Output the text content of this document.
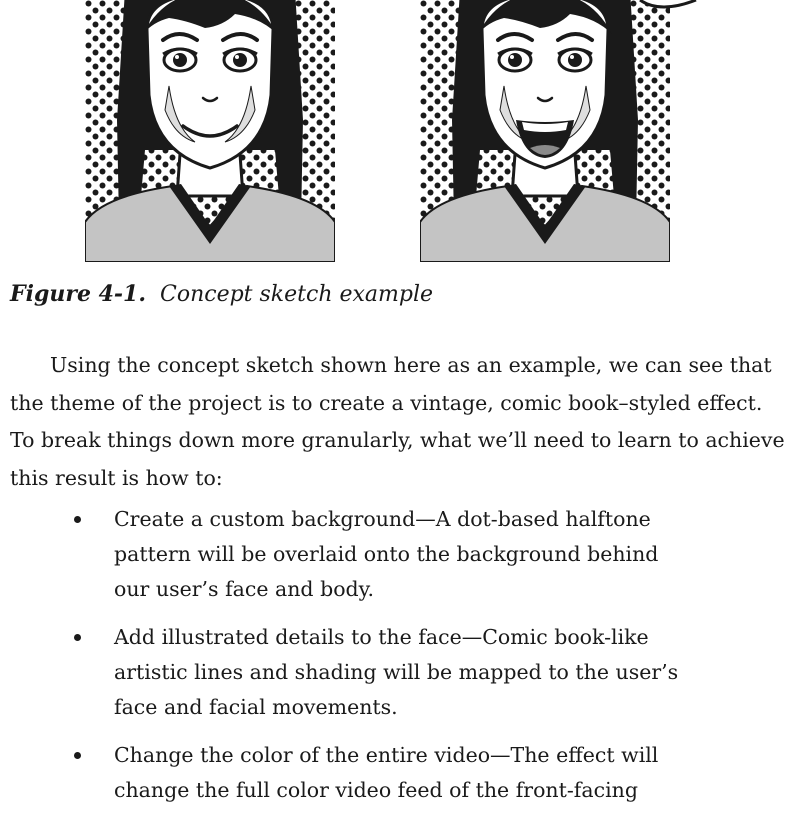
Figure 4-1. Concept sketch example

Using the concept sketch shown here as an example, we can see that
the theme of the project is to create a vintage, comic book–styled effect.
To break things down more granularly, what we’ll need to learn to achieve
this result is how to:

Create a custom background—A dot-based halftone
pattern will be overlaid onto the background behind
our user’s face and body.
Add illustrated details to the face—Comic book-like
artistic lines and shading will be mapped to the user’s
face and facial movements.
Change the color of the entire video—The effect will
change the full color video feed of the front-facing
